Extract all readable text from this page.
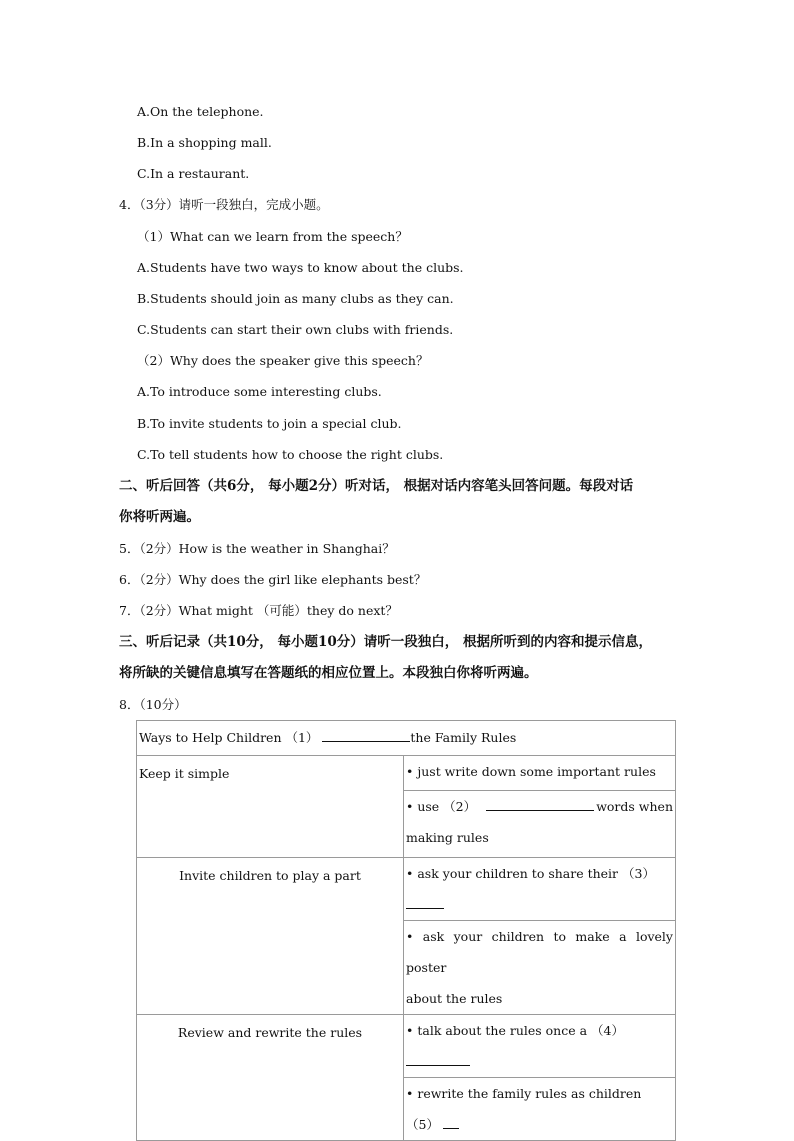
A.On the telephone.
B.In a shopping mall.
C.In a restaurant.
4．（3分）请听一段独白，完成小题。
（1）What can we learn from the speech？
A.Students have two ways to know about the clubs.
B.Students should join as many clubs as they can.
C.Students can start their own clubs with friends.
（2）Why does the speaker give this speech？
A.To introduce some interesting clubs.
B.To invite students to join a special club.
C.To tell students how to choose the right clubs.
二、听后回答（共6分， 每小题2分）听对话， 根据对话内容笔头回答问题。每段对话
你将听两遍。
5．（2分）How is the weather in Shanghai？
6．（2分）Why does the girl like elephants best？
7．（2分）What might （可能）they do next？
三、听后记录（共10分， 每小题10分）请听一段独白， 根据所听到的内容和提示信息，
将所缺的关键信息填写在答题纸的相应位置上。本段独白你将听两遍。
8．（10分）
Ways to Help Children （1） the Family Rules	
Keep it simple	• just write down some important rules

	• use （2） words when
making rules

Invite children to play a part	• ask your children to share their （3）

	• ask your children to make a lovely poster
about the rules

Review and rewrite the rules	• talk about the rules once a （4）
	• rewrite the family rules as children （5）
